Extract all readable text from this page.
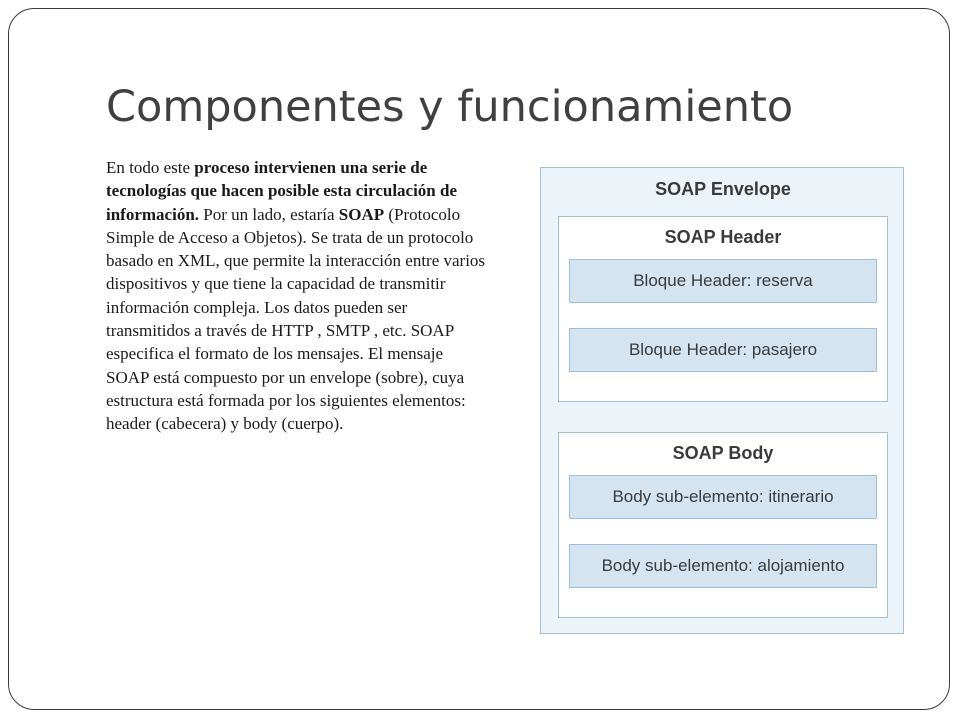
Componentes y funcionamiento
En todo este proceso intervienen una serie de tecnologías que hacen posible esta circulación de información. Por un lado, estaría SOAP (Protocolo Simple de Acceso a Objetos). Se trata de un protocolo basado en XML, que permite la interacción entre varios dispositivos y que tiene la capacidad de transmitir información compleja. Los datos pueden ser transmitidos a través de HTTP , SMTP , etc. SOAP especifica el formato de los mensajes. El mensaje SOAP está compuesto por un envelope (sobre), cuya estructura está formada por los siguientes elementos: header (cabecera) y body (cuerpo).
SOAP Envelope
SOAP Header
Bloque Header: reserva
Bloque Header: pasajero
SOAP Body
Body sub-elemento: itinerario
Body sub-elemento: alojamiento
